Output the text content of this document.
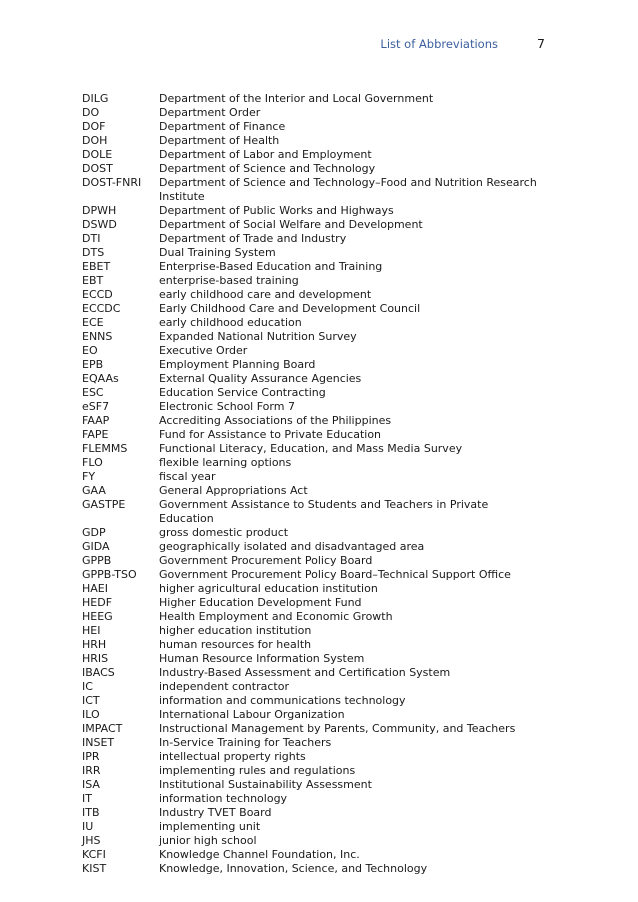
List of Abbreviations	7
DILG	Department of the Interior and Local Government
DO	Department Order
DOF	Department of Finance
DOH	Department of Health
DOLE	Department of Labor and Employment
DOST	Department of Science and Technology
DOST-FNRI	Department of Science and Technology–Food and Nutrition Research Institute
DPWH	Department of Public Works and Highways
DSWD	Department of Social Welfare and Development
DTI	Department of Trade and Industry
DTS	Dual Training System
EBET	Enterprise-Based Education and Training
EBT	enterprise-based training
ECCD	early childhood care and development
ECCDC	Early Childhood Care and Development Council
ECE	early childhood education
ENNS	Expanded National Nutrition Survey
EO	Executive Order
EPB	Employment Planning Board
EQAAs	External Quality Assurance Agencies
ESC	Education Service Contracting
eSF7	Electronic School Form 7
FAAP	Accrediting Associations of the Philippines
FAPE	Fund for Assistance to Private Education
FLEMMS	Functional Literacy, Education, and Mass Media Survey
FLO	flexible learning options
FY	fiscal year
GAA	General Appropriations Act
GASTPE	Government Assistance to Students and Teachers in Private Education
GDP	gross domestic product
GIDA	geographically isolated and disadvantaged area
GPPB	Government Procurement Policy Board
GPPB-TSO	Government Procurement Policy Board–Technical Support Office
HAEI	higher agricultural education institution
HEDF	Higher Education Development Fund
HEEG	Health Employment and Economic Growth
HEI	higher education institution
HRH	human resources for health
HRIS	Human Resource Information System
IBACS	Industry-Based Assessment and Certification System
IC	independent contractor
ICT	information and communications technology
ILO	International Labour Organization
IMPACT	Instructional Management by Parents, Community, and Teachers
INSET	In-Service Training for Teachers
IPR	intellectual property rights
IRR	implementing rules and regulations
ISA	Institutional Sustainability Assessment
IT	information technology
ITB	Industry TVET Board
IU	implementing unit
JHS	junior high school
KCFI	Knowledge Channel Foundation, Inc.
KIST	Knowledge, Innovation, Science, and Technology
